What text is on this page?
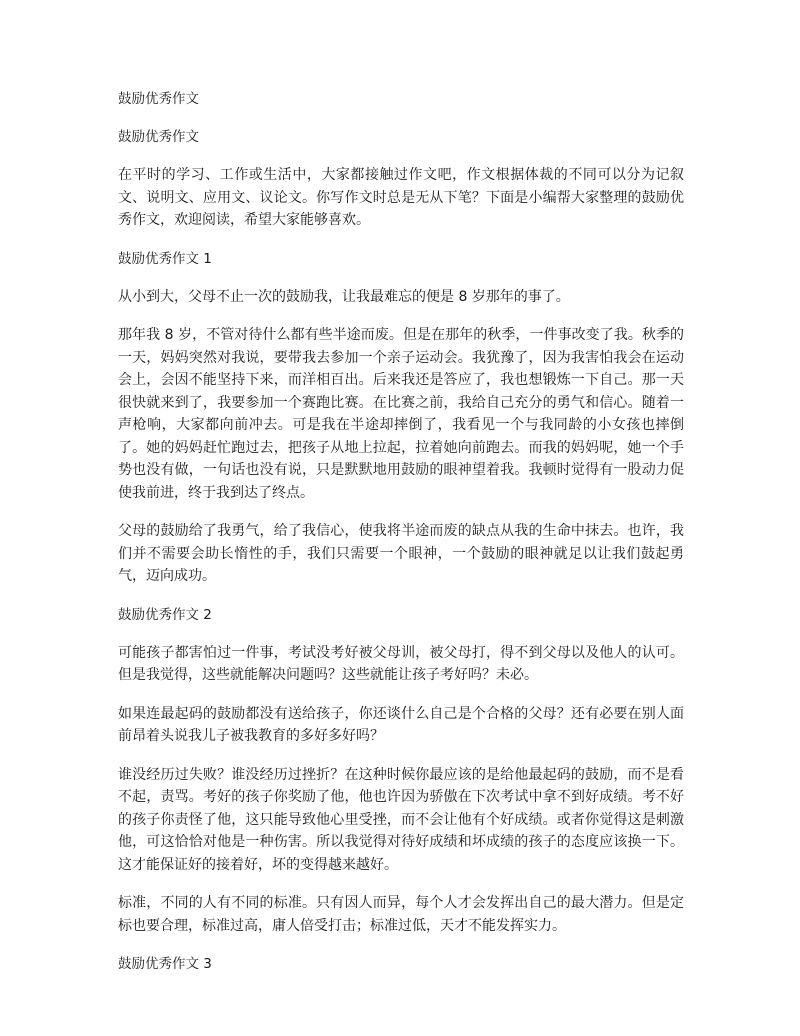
鼓励优秀作文
鼓励优秀作文

在平时的学习、工作或生活中，大家都接触过作文吧，作文根据体裁的不同可以分为记叙文、说明文、应用文、议论文。你写作文时总是无从下笔？下面是小编帮大家整理的鼓励优秀作文，欢迎阅读，希望大家能够喜欢。

鼓励优秀作文 1

从小到大，父母不止一次的鼓励我，让我最难忘的便是 8 岁那年的事了。

那年我 8 岁，不管对待什么都有些半途而废。但是在那年的秋季，一件事改变了我。秋季的一天，妈妈突然对我说，要带我去参加一个亲子运动会。我犹豫了，因为我害怕我会在运动会上，会因不能坚持下来，而洋相百出。后来我还是答应了，我也想锻炼一下自己。那一天很快就来到了，我要参加一个赛跑比赛。在比赛之前，我给自己充分的勇气和信心。随着一声枪响，大家都向前冲去。可是我在半途却摔倒了，我看见一个与我同龄的小女孩也摔倒了。她的妈妈赶忙跑过去，把孩子从地上拉起，拉着她向前跑去。而我的妈妈呢，她一个手势也没有做，一句话也没有说，只是默默地用鼓励的眼神望着我。我顿时觉得有一股动力促使我前进，终于我到达了终点。

父母的鼓励给了我勇气，给了我信心，使我将半途而废的缺点从我的生命中抹去。也许，我们并不需要会助长惰性的手，我们只需要一个眼神，一个鼓励的眼神就足以让我们鼓起勇气，迈向成功。

鼓励优秀作文 2

可能孩子都害怕过一件事，考试没考好被父母训，被父母打，得不到父母以及他人的认可。但是我觉得，这些就能解决问题吗？这些就能让孩子考好吗？未必。

如果连最起码的鼓励都没有送给孩子，你还谈什么自己是个合格的父母？还有必要在别人面前昂着头说我儿子被我教育的多好多好吗？

谁没经历过失败？谁没经历过挫折？在这种时候你最应该的是给他最起码的鼓励，而不是看不起，责骂。考好的孩子你奖励了他，他也许因为骄傲在下次考试中拿不到好成绩。考不好的孩子你责怪了他，这只能导致他心里受挫，而不会让他有个好成绩。或者你觉得这是刺激他，可这恰恰对他是一种伤害。所以我觉得对待好成绩和坏成绩的孩子的态度应该换一下。这才能保证好的接着好，坏的变得越来越好。

标准，不同的人有不同的标准。只有因人而异，每个人才会发挥出自己的最大潜力。但是定标也要合理，标准过高，庸人倍受打击；标准过低，天才不能发挥实力。

鼓励优秀作文 3
